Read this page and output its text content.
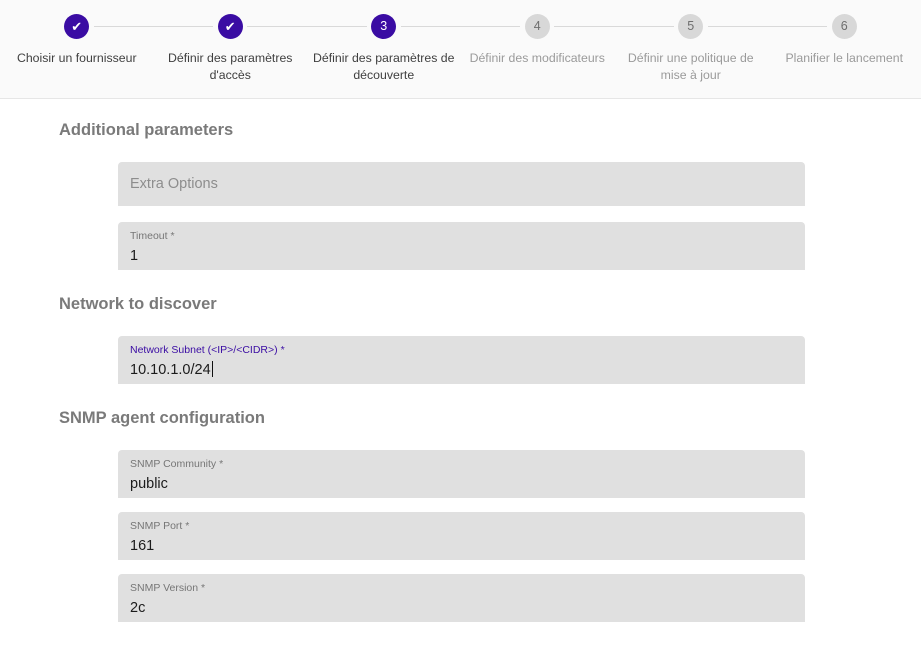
✔
Choisir un fournisseur
✔
Définir des paramètres d'accès
3
Définir des paramètres de découverte
4
Définir des modificateurs
5
Définir une politique de mise à jour
6
Planifier le lancement
Additional parameters
Extra Options
Timeout *
1
Network to discover
Network Subnet (<IP>/<CIDR>) *
10.10.1.0/24
SNMP agent configuration
SNMP Community *
public
SNMP Port *
161
SNMP Version *
2c
